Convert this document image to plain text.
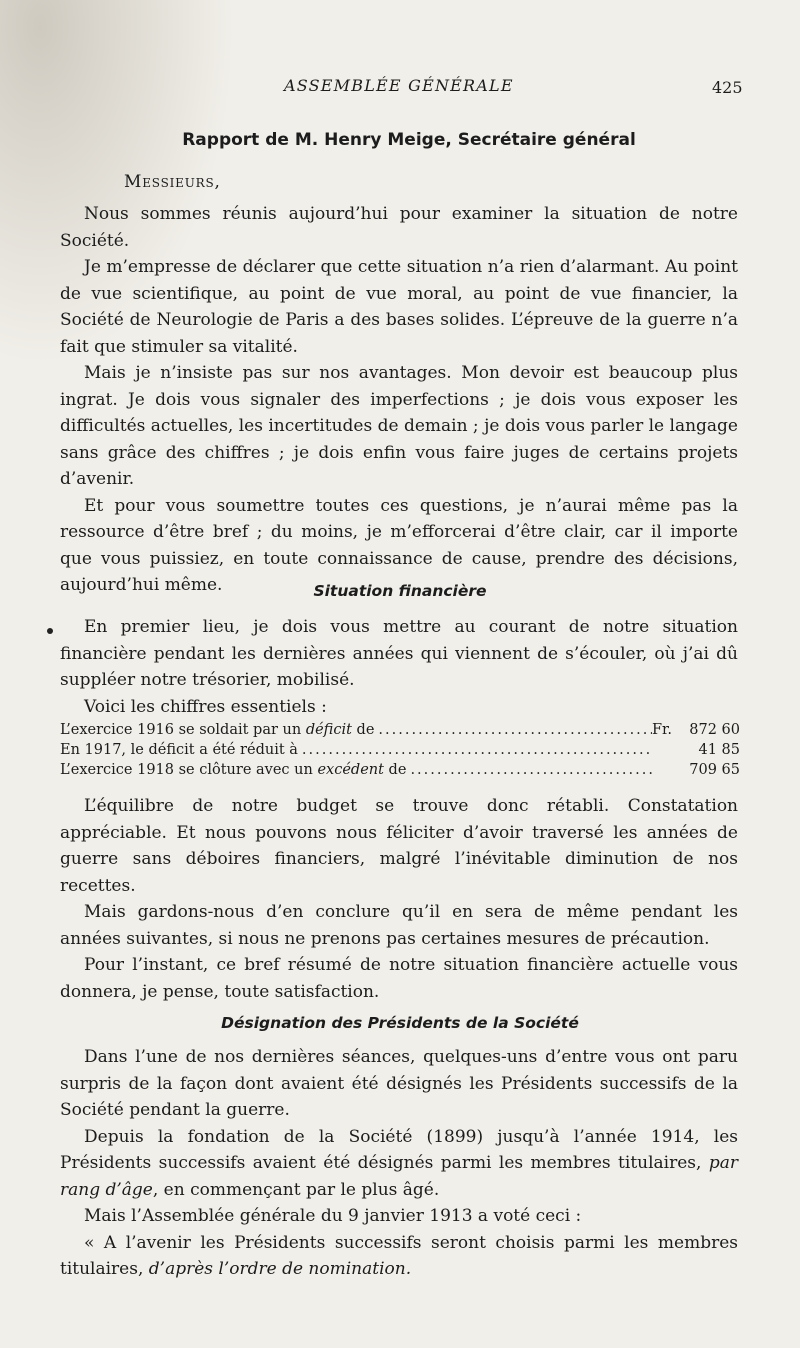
ASSEMBLÉE GÉNÉRALE	425
Rapport de M. Henry Meige, Secrétaire général
Messieurs,

Nous sommes réunis aujourd’hui pour examiner la situation de notre Société.

Je m’empresse de déclarer que cette situation n’a rien d’alarmant. Au point de vue scientifique, au point de vue moral, au point de vue financier, la Société de Neurologie de Paris a des bases solides. L’épreuve de la guerre n’a fait que stimuler sa vitalité.

Mais je n’insiste pas sur nos avantages. Mon devoir est beaucoup plus ingrat. Je dois vous signaler des imperfections ; je dois vous exposer les difficultés actuelles, les incertitudes de demain ; je dois vous parler le langage sans grâce des chiffres ; je dois enfin vous faire juges de certains projets d’avenir.

Et pour vous soumettre toutes ces questions, je n’aurai même pas la ressource d’être bref ; du moins, je m’efforcerai d’être clair, car il importe que vous puissiez, en toute connaissance de cause, prendre des décisions, aujourd’hui même.	Situation financière

En premier lieu, je dois vous mettre au courant de notre situation financière pendant les dernières années qui viennent de s’écouler, où j’ai dû suppléer notre trésorier, mobilisé.

Voici les chiffres essentiels :

L’exercice 1916 se soldait par un déficit de .....	Fr.	872 60
En 1917, le déficit a été réduit à .....	41 85
L’exercice 1918 se clôture avec un excédent de .....	709 65

L’équilibre de notre budget se trouve donc rétabli. Constatation appréciable. Et nous pouvons nous féliciter d’avoir traversé les années de guerre sans déboires financiers, malgré l’inévitable diminution de nos recettes.

Mais gardons-nous d’en conclure qu’il en sera de même pendant les années suivantes, si nous ne prenons pas certaines mesures de précaution.

Pour l’instant, ce bref résumé de notre situation financière actuelle vous donnera, je pense, toute satisfaction.

Désignation des Présidents de la Société

Dans l’une de nos dernières séances, quelques-uns d’entre vous ont paru surpris de la façon dont avaient été désignés les Présidents successifs de la Société pendant la guerre.

Depuis la fondation de la Société (1899) jusqu’à l’année 1914, les Présidents successifs avaient été désignés parmi les membres titulaires, par rang d’âge, en commençant par le plus âgé.

Mais l’Assemblée générale du 9 janvier 1913 a voté ceci :

« A l’avenir les Présidents successifs seront choisis parmi les membres titulaires, d’après l’ordre de nomination.
